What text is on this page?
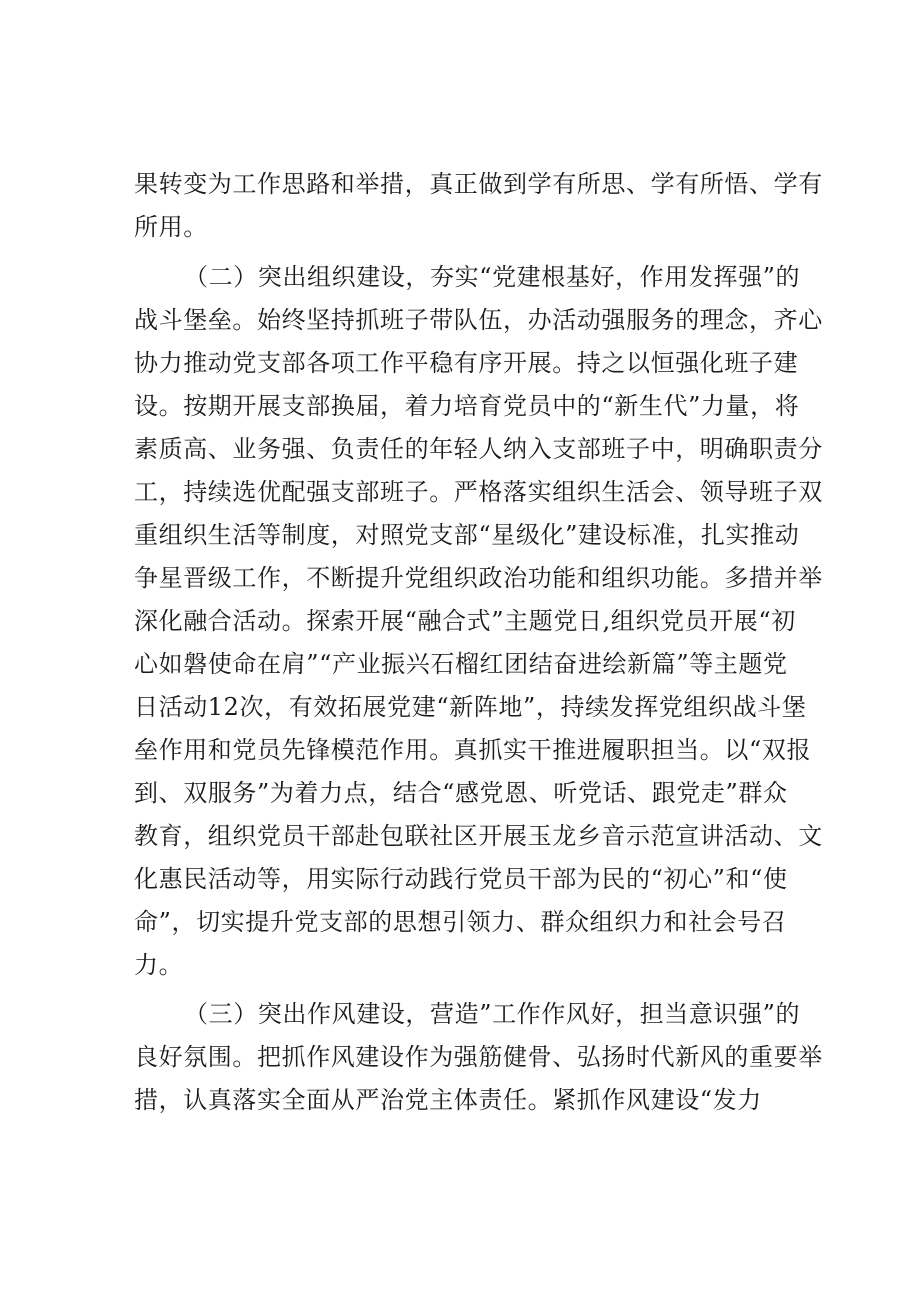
果转变为工作思路和举措，真正做到学有所思、学有所悟、学有

所用。

（二）突出组织建设，夯实“党建根基好，作用发挥强”的

战斗堡垒。始终坚持抓班子带队伍，办活动强服务的理念，齐心

协力推动党支部各项工作平稳有序开展。持之以恒强化班子建

设。按期开展支部换届，着力培育党员中的“新生代”力量，将

素质高、业务强、负责任的年轻人纳入支部班子中，明确职责分

工，持续选优配强支部班子。严格落实组织生活会、领导班子双

重组织生活等制度，对照党支部“星级化”建设标准，扎实推动

争星晋级工作，不断提升党组织政治功能和组织功能。多措并举

深化融合活动。探索开展“融合式”主题党日,组织党员开展“初

心如磐使命在肩”“产业振兴石榴红团结奋进绘新篇”等主题党

日活动12次，有效拓展党建“新阵地”，持续发挥党组织战斗堡

垒作用和党员先锋模范作用。真抓实干推进履职担当。以“双报

到、双服务”为着力点，结合“感党恩、听党话、跟党走”群众

教育，组织党员干部赴包联社区开展玉龙乡音示范宣讲活动、文

化惠民活动等，用实际行动践行党员干部为民的“初心”和“使

命”，切实提升党支部的思想引领力、群众组织力和社会号召

力。

（三）突出作风建设，营造”工作作风好，担当意识强”的

良好氛围。把抓作风建设作为强筋健骨、弘扬时代新风的重要举

措，认真落实全面从严治党主体责任。紧抓作风建设“发力
